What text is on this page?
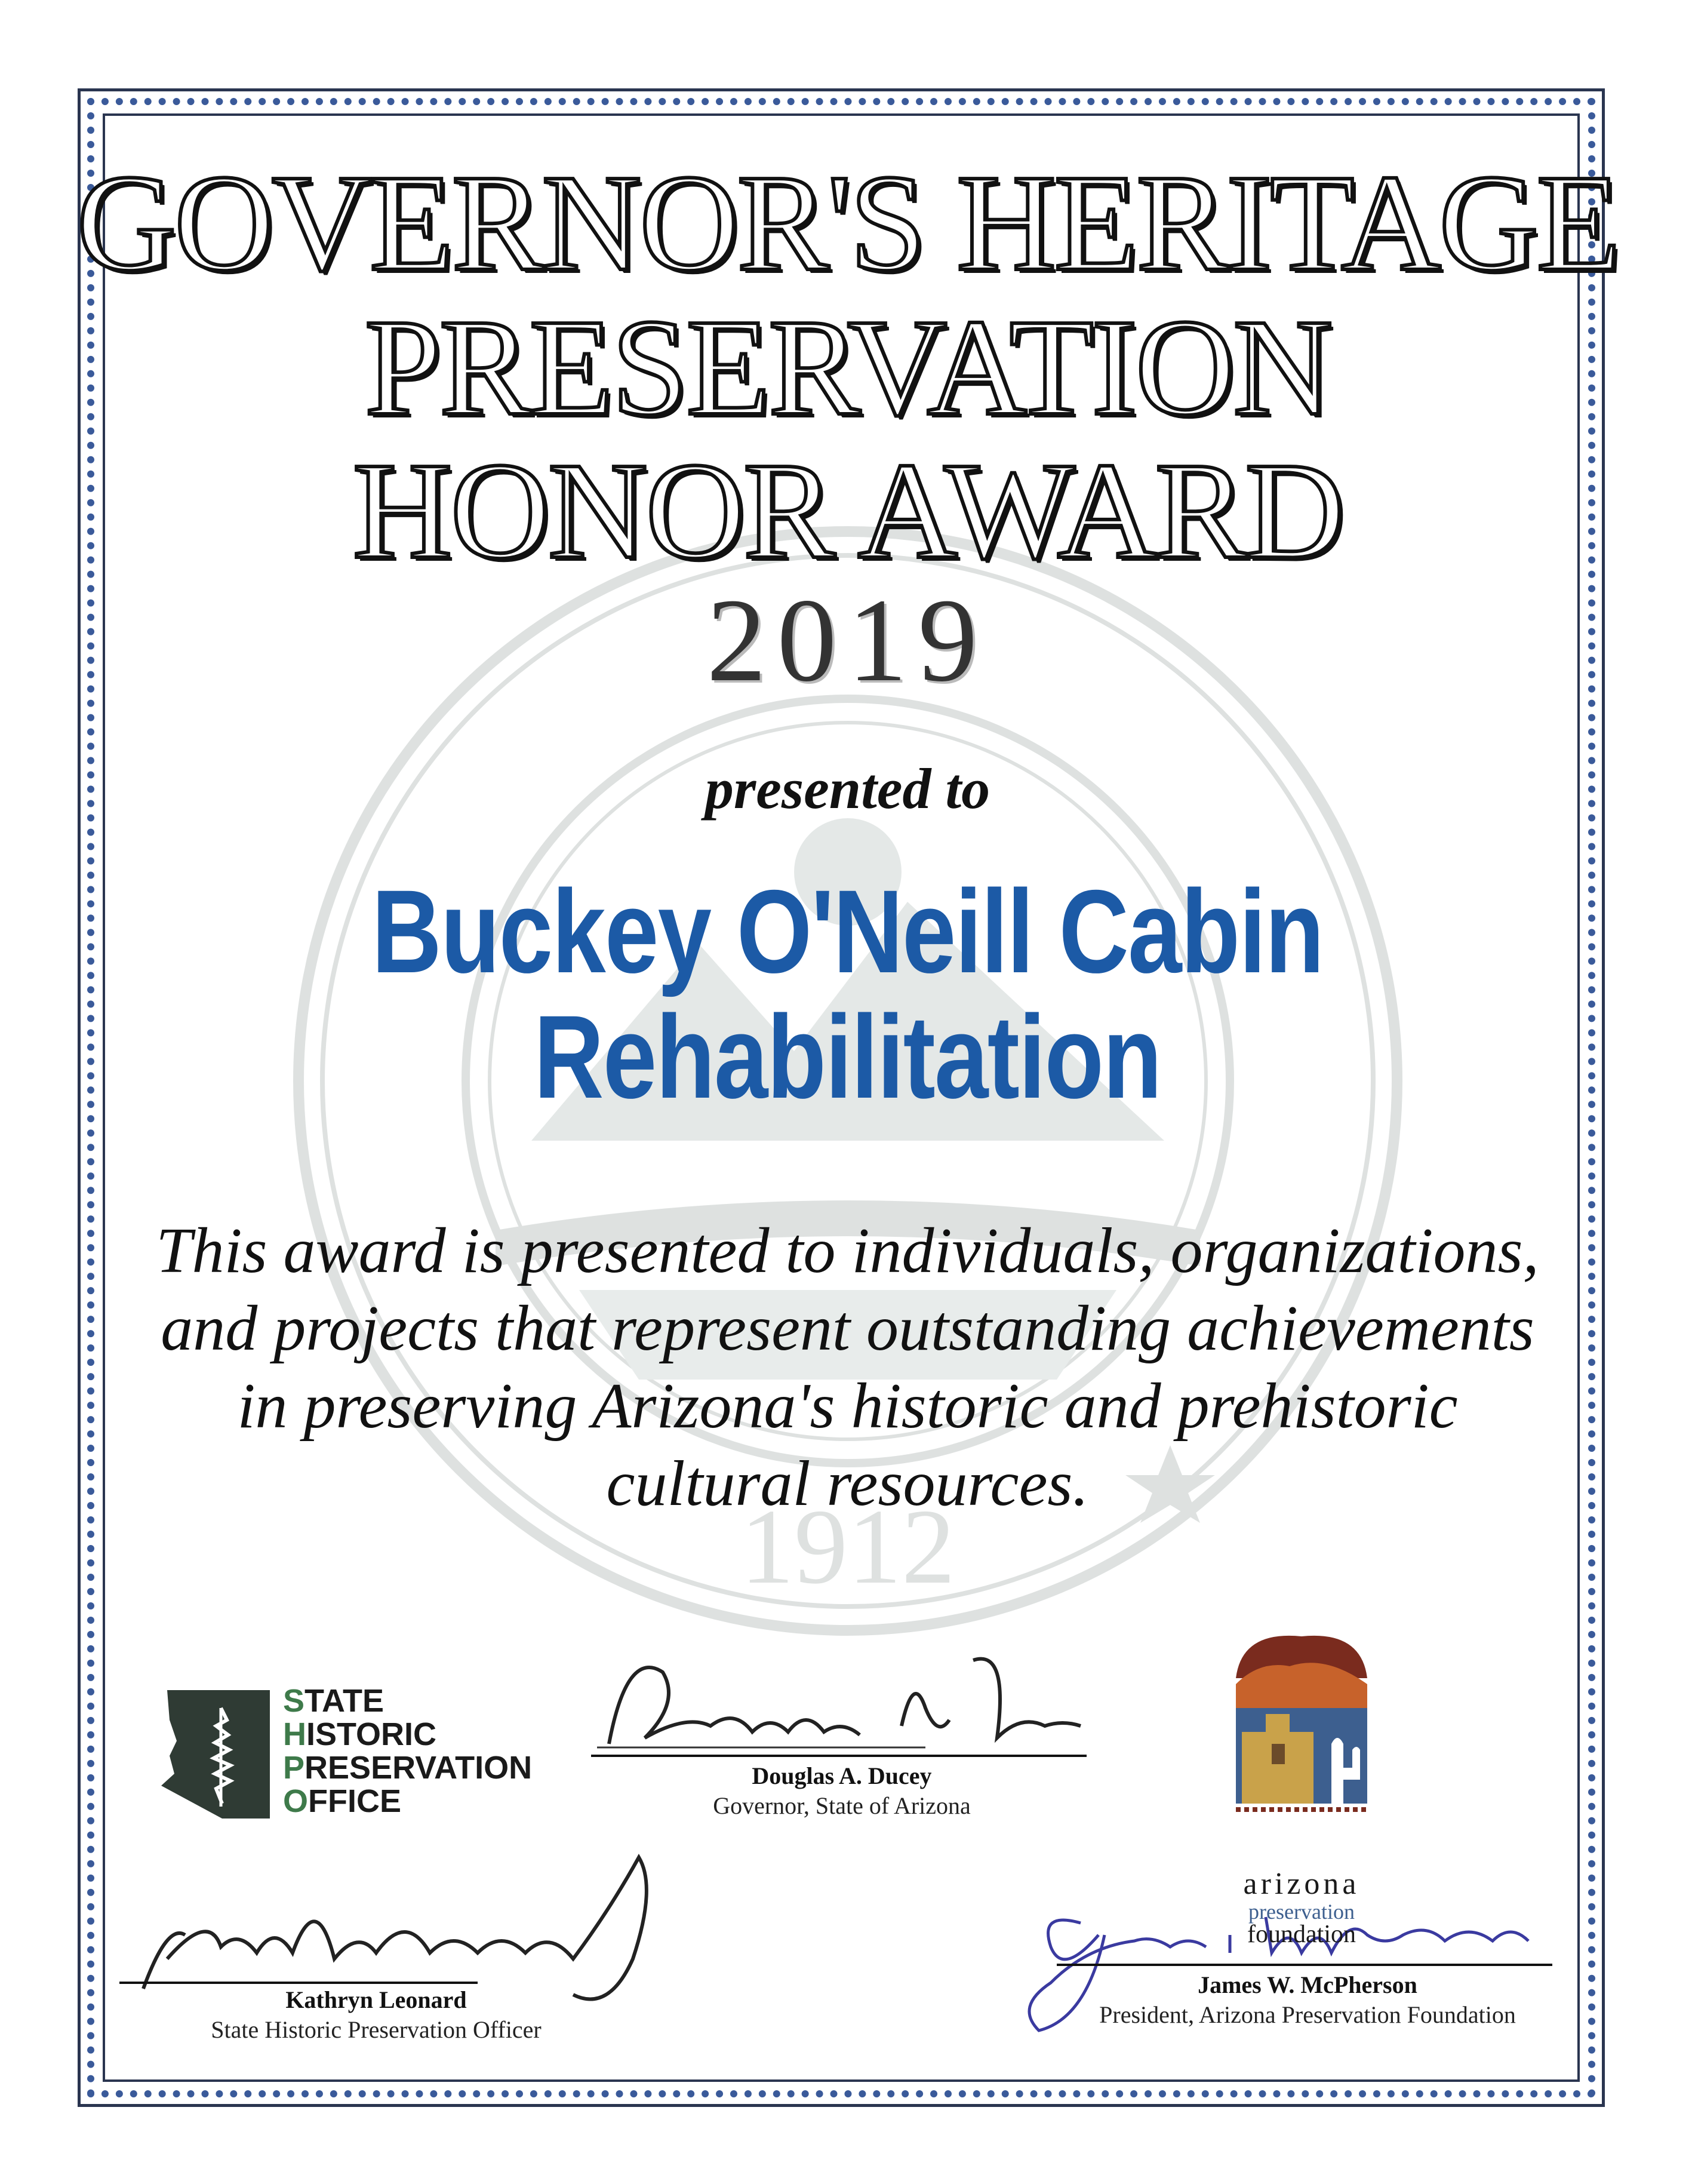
1912
GOVERNOR'S HERITAGE
PRESERVATION
HONOR AWARD
2019
presented to
Buckey O'Neill Cabin
Rehabilitation
This award is presented to individuals, organizations,
and projects that represent outstanding achievements
in preserving Arizona's historic and prehistoric
cultural resources.
STATE
HISTORIC
PRESERVATION
OFFICE
Douglas A. Ducey
Governor, State of Arizona
Kathryn Leonard
State Historic Preservation Officer
James W. McPherson
President, Arizona Preservation Foundation
arizona
preservation
foundation
